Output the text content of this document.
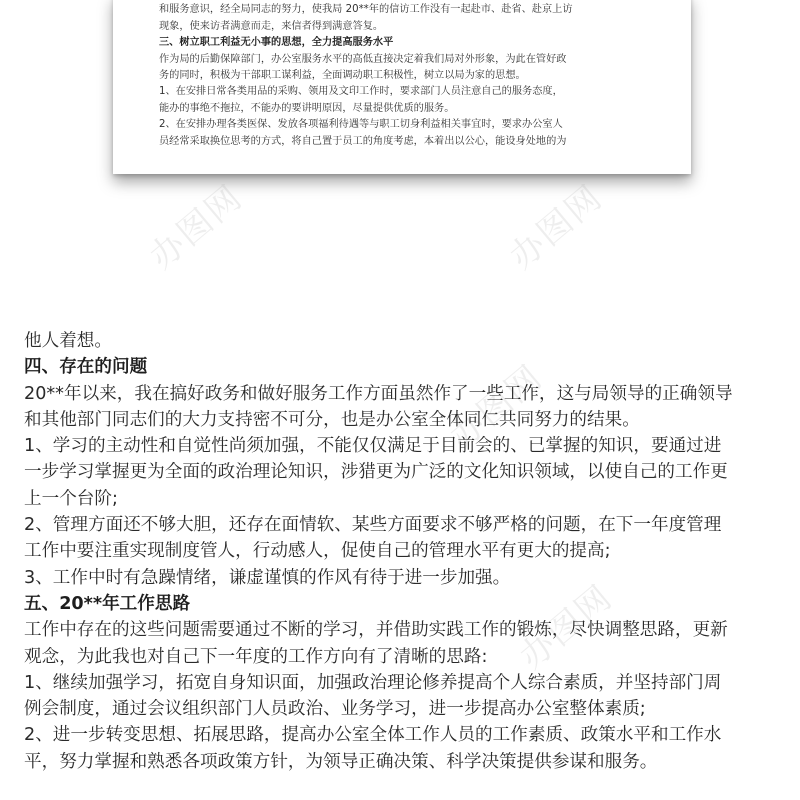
和服务意识，经全局同志的努力，使我局 20**年的信访工作没有一起赴市、赴省、赴京上访

现象，使来访者满意而走，来信者得到满意答复。

三、树立职工利益无小事的思想，全力提高服务水平

作为局的后勤保障部门，办公室服务水平的高低直接决定着我们局对外形象，为此在管好政

务的同时，积极为干部职工谋利益，全面调动职工积极性，树立以局为家的思想。

1、在安排日常各类用品的采购、领用及文印工作时，要求部门人员注意自己的服务态度，

能办的事绝不拖拉，不能办的要讲明原因，尽量提供优质的服务。

2、在安排办理各类医保、发放各项福利待遇等与职工切身利益相关事宜时，要求办公室人

员经常采取换位思考的方式，将自己置于员工的角度考虑，本着出以公心，能设身处地的为

办图网	办图网
办图网
办图网

他人着想。

四、存在的问题

20**年以来，我在搞好政务和做好服务工作方面虽然作了一些工作，这与局领导的正确领导

和其他部门同志们的大力支持密不可分，也是办公室全体同仁共同努力的结果。

1、学习的主动性和自觉性尚须加强，不能仅仅满足于目前会的、已掌握的知识，要通过进

一步学习掌握更为全面的政治理论知识，涉猎更为广泛的文化知识领域，以使自己的工作更

上一个台阶;

2、管理方面还不够大胆，还存在面情软、某些方面要求不够严格的问题，在下一年度管理

工作中要注重实现制度管人，行动感人，促使自己的管理水平有更大的提高;

3、工作中时有急躁情绪，谦虚谨慎的作风有待于进一步加强。

五、20**年工作思路

工作中存在的这些问题需要通过不断的学习，并借助实践工作的锻炼，尽快调整思路，更新

观念，为此我也对自己下一年度的工作方向有了清晰的思路:

1、继续加强学习，拓宽自身知识面，加强政治理论修养提高个人综合素质，并坚持部门周

例会制度，通过会议组织部门人员政治、业务学习，进一步提高办公室整体素质;

2、进一步转变思想、拓展思路，提高办公室全体工作人员的工作素质、政策水平和工作水

平，努力掌握和熟悉各项政策方针，为领导正确决策、科学决策提供参谋和服务。
